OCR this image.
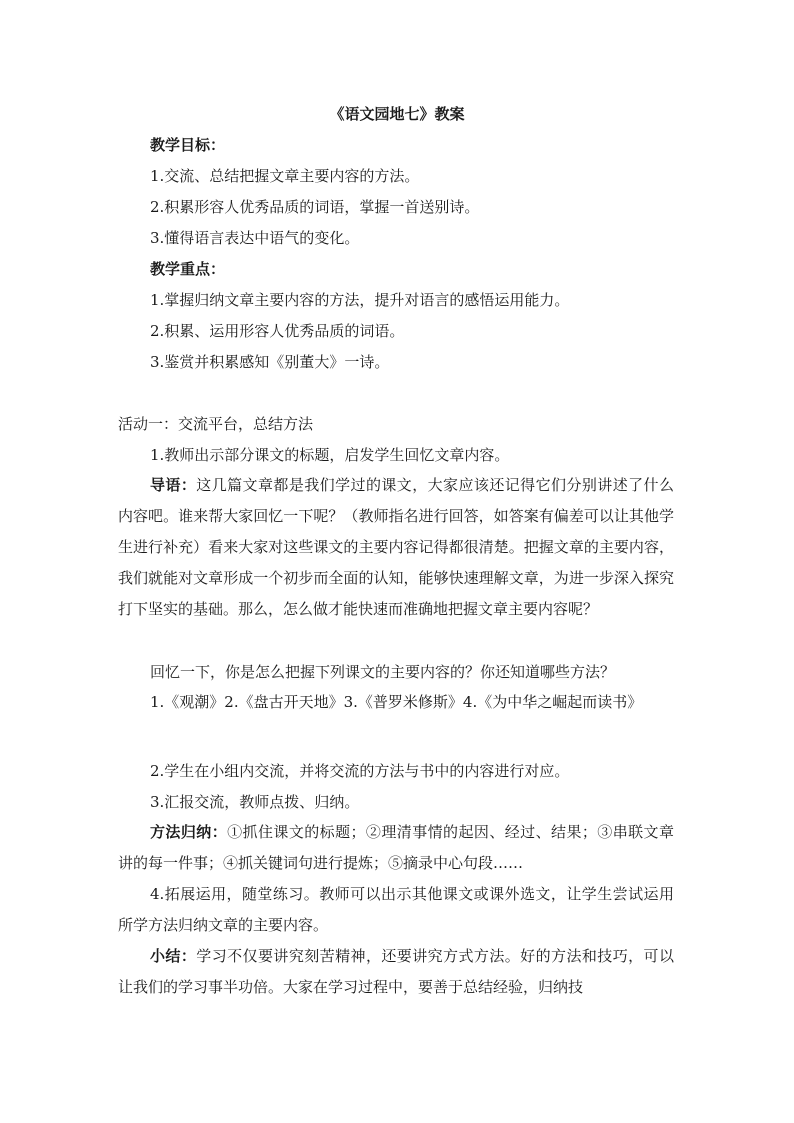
《语文园地七》教案
教学目标：
1.交流、总结把握文章主要内容的方法。
2.积累形容人优秀品质的词语，掌握一首送别诗。
3.懂得语言表达中语气的变化。
教学重点：
1.掌握归纳文章主要内容的方法，提升对语言的感悟运用能力。
2.积累、运用形容人优秀品质的词语。
3.鉴赏并积累感知《别董大》一诗。
活动一：交流平台，总结方法
1.教师出示部分课文的标题，启发学生回忆文章内容。
导语：这几篇文章都是我们学过的课文，大家应该还记得它们分别讲述了什么内容吧。谁来帮大家回忆一下呢？（教师指名进行回答，如答案有偏差可以让其他学生进行补充）看来大家对这些课文的主要内容记得都很清楚。把握文章的主要内容，我们就能对文章形成一个初步而全面的认知，能够快速理解文章，为进一步深入探究打下坚实的基础。那么，怎么做才能快速而准确地把握文章主要内容呢？
回忆一下，你是怎么把握下列课文的主要内容的？你还知道哪些方法？
1.《观潮》2.《盘古开天地》3.《普罗米修斯》4.《为中华之崛起而读书》
2.学生在小组内交流，并将交流的方法与书中的内容进行对应。
3.汇报交流，教师点拨、归纳。
方法归纳：①抓住课文的标题；②理清事情的起因、经过、结果；③串联文章讲的每一件事；④抓关键词句进行提炼；⑤摘录中心句段……
4.拓展运用，随堂练习。教师可以出示其他课文或课外选文，让学生尝试运用所学方法归纳文章的主要内容。
小结：学习不仅要讲究刻苦精神，还要讲究方式方法。好的方法和技巧，可以让我们的学习事半功倍。大家在学习过程中，要善于总结经验，归纳技
